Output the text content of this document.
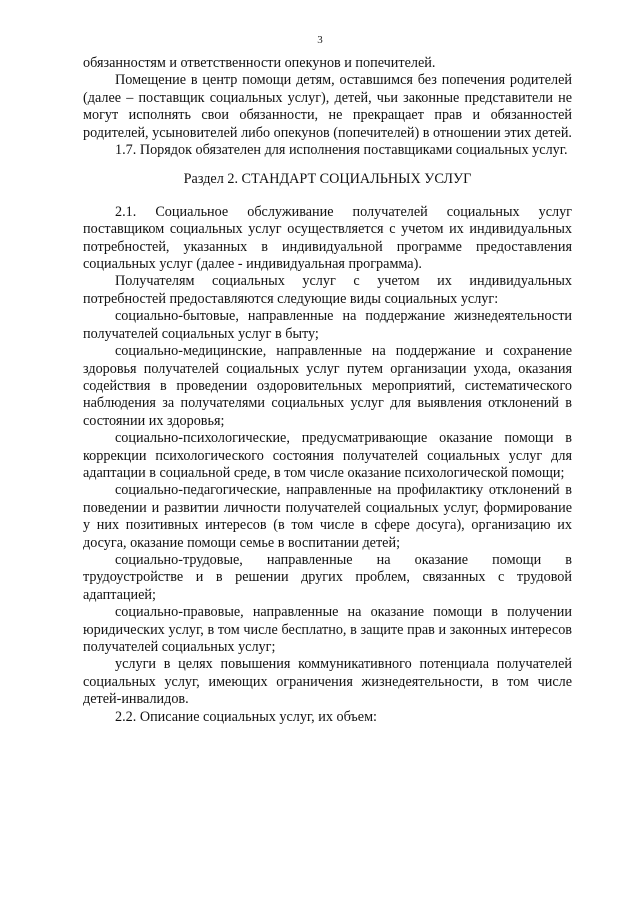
3

обязанностям и ответственности опекунов и попечителей.

Помещение в центр помощи детям, оставшимся без попечения родителей (далее – поставщик социальных услуг), детей, чьи законные представители не могут исполнять свои обязанности, не прекращает прав и обязанностей родителей, усыновителей либо опекунов (попечителей) в отношении этих детей.

1.7. Порядок обязателен для исполнения поставщиками социальных услуг.

Раздел 2. СТАНДАРТ СОЦИАЛЬНЫХ УСЛУГ

2.1. Социальное обслуживание получателей социальных услуг поставщиком социальных услуг осуществляется с учетом их индивидуальных потребностей, указанных в индивидуальной программе предоставления социальных услуг (далее - индивидуальная программа).

Получателям социальных услуг с учетом их индивидуальных потребностей предоставляются следующие виды социальных услуг:

социально-бытовые, направленные на поддержание жизнедеятельности получателей социальных услуг в быту;

социально-медицинские, направленные на поддержание и сохранение здоровья получателей социальных услуг путем организации ухода, оказания содействия в проведении оздоровительных мероприятий, систематического наблюдения за получателями социальных услуг для выявления отклонений в состоянии их здоровья;

социально-психологические, предусматривающие оказание помощи в коррекции психологического состояния получателей социальных услуг для адаптации в социальной среде, в том числе оказание психологической помощи;

социально-педагогические, направленные на профилактику отклонений в поведении и развитии личности получателей социальных услуг, формирование у них позитивных интересов (в том числе в сфере досуга), организацию их досуга, оказание помощи семье в воспитании детей;

социально-трудовые, направленные на оказание помощи в трудоустройстве и в решении других проблем, связанных с трудовой адаптацией;

социально-правовые, направленные на оказание помощи в получении юридических услуг, в том числе бесплатно, в защите прав и законных интересов получателей социальных услуг;

услуги в целях повышения коммуникативного потенциала получателей социальных услуг, имеющих ограничения жизнедеятельности, в том числе детей-инвалидов.

2.2. Описание социальных услуг, их объем:
